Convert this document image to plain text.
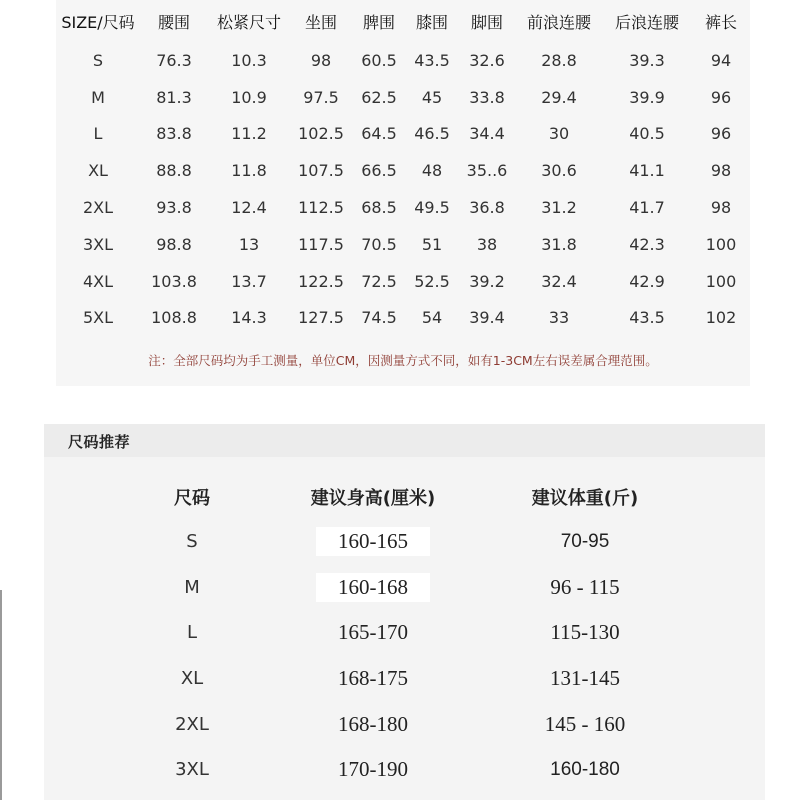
SIZE/尺码	腰围	松紧尺寸	坐围	脾围	膝围	脚围	前浪连腰	后浪连腰	裤长
S	76.3	10.3	98	60.5	43.5	32.6	28.8	39.3	94
M	81.3	10.9	97.5	62.5	45	33.8	29.4	39.9	96
L	83.8	11.2	102.5	64.5	46.5	34.4	30	40.5	96
XL	88.8	11.8	107.5	66.5	48	35..6	30.6	41.1	98
2XL	93.8	12.4	112.5	68.5	49.5	36.8	31.2	41.7	98
3XL	98.8	13	117.5	70.5	51	38	31.8	42.3	100
4XL	103.8	13.7	122.5	72.5	52.5	39.2	32.4	42.9	100
5XL	108.8	14.3	127.5	74.5	54	39.4	33	43.5	102
注：全部尺码均为手工测量，单位CM，因测量方式不同，如有1-3CM左右误差属合理范围。
尺码推荐
尺码	建议身高(厘米)	建议体重(斤)
S	160-165	70-95
M	160-168	96 - 115
L	165-170	115-130
XL	168-175	131-145
2XL	168-180	145 - 160
3XL	170-190	160-180
